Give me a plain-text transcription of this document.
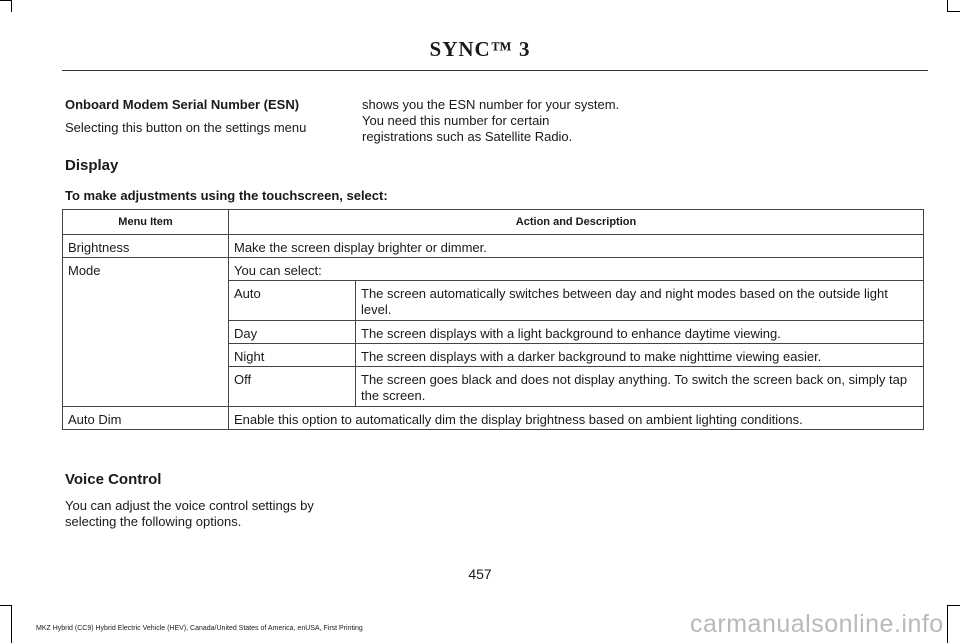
SYNC™ 3
Onboard Modem Serial Number (ESN)
Selecting this button on the settings menu
shows you the ESN number for your system.
You need this number for certain
registrations such as Satellite Radio.
Display
To make adjustments using the touchscreen, select:
Menu Item	Action and Description	
Brightness	Make the screen display brighter or dimmer.	
Mode	You can select:	
	Auto	The screen automatically switches between day and night modes based on the outside light level.
	Day	The screen displays with a light background to enhance daytime viewing.
	Night	The screen displays with a darker background to make nighttime viewing easier.
	Off	The screen goes black and does not display anything. To switch the screen back on, simply tap the screen.
Auto Dim	Enable this option to automatically dim the display brightness based on ambient lighting conditions.	
Voice Control
You can adjust the voice control settings by
selecting the following options.
457
MKZ Hybrid (CC9) Hybrid Electric Vehicle (HEV), Canada/United States of America, enUSA, First Printing	carmanualsonline.info
